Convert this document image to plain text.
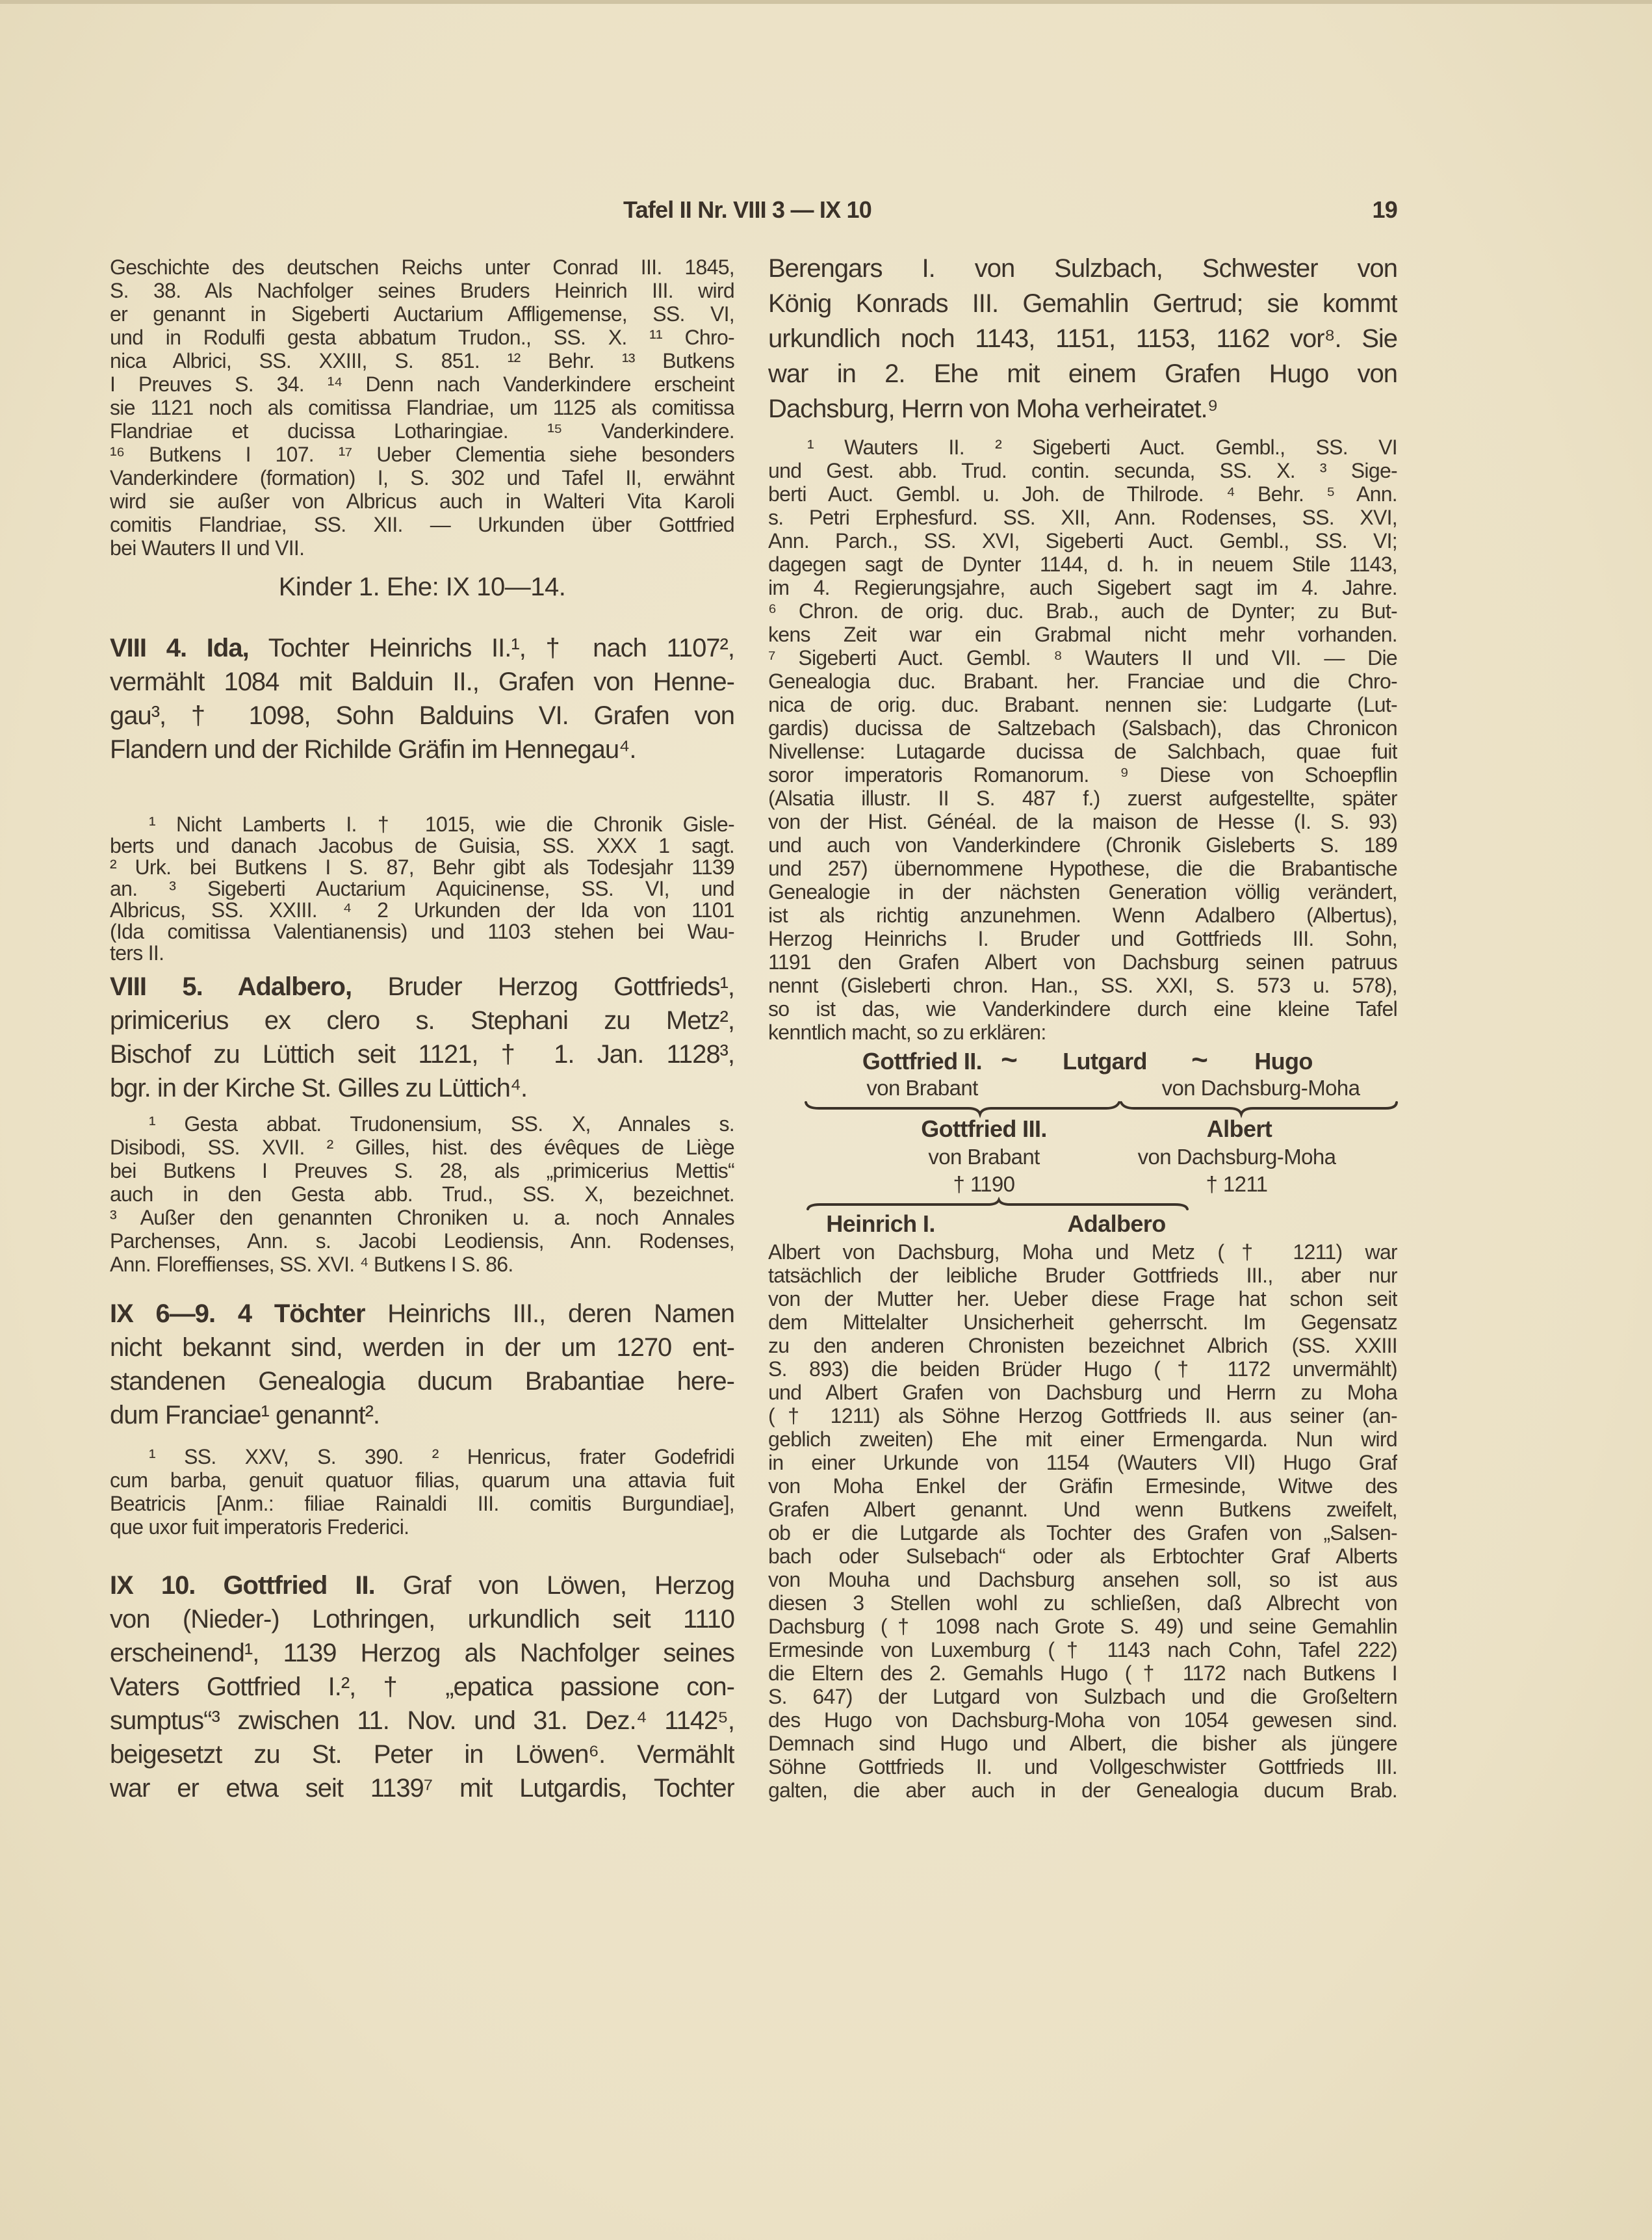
Tafel II Nr. VIII 3 — IX 10	19
Geschichte des deutschen Reichs unter Conrad III. 1845,
S. 38. Als Nachfolger seines Bruders Heinrich III. wird
er genannt in Sigeberti Auctarium Affligemense, SS. VI,
und in Rodulfi gesta abbatum Trudon., SS. X. ¹¹ Chro-
nica Albrici, SS. XXIII, S. 851. ¹² Behr. ¹³ Butkens
I Preuves S. 34. ¹⁴ Denn nach Vanderkindere erscheint
sie 1121 noch als comitissa Flandriae, um 1125 als comitissa
Flandriae et ducissa Lotharingiae. ¹⁵ Vanderkindere.
¹⁶ Butkens I 107. ¹⁷ Ueber Clementia siehe besonders
Vanderkindere (formation) I, S. 302 und Tafel II, erwähnt
wird sie außer von Albricus auch in Walteri Vita Karoli
comitis Flandriae, SS. XII. — Urkunden über Gottfried
bei Wauters II und VII.
Kinder 1. Ehe: IX 10—14.
VIII 4. Ida, Tochter Heinrichs II.¹, † nach 1107²,
vermählt 1084 mit Balduin II., Grafen von Henne-
gau³, † 1098, Sohn Balduins VI. Grafen von
Flandern und der Richilde Gräfin im Hennegau⁴.
¹ Nicht Lamberts I. † 1015, wie die Chronik Gisle-
berts und danach Jacobus de Guisia, SS. XXX 1 sagt.
² Urk. bei Butkens I S. 87, Behr gibt als Todesjahr 1139
an. ³ Sigeberti Auctarium Aquicinense, SS. VI, und
Albricus, SS. XXIII. ⁴ 2 Urkunden der Ida von 1101
(Ida comitissa Valentianensis) und 1103 stehen bei Wau-
ters II.
VIII 5. Adalbero, Bruder Herzog Gottfrieds¹,
primicerius ex clero s. Stephani zu Metz²,
Bischof zu Lüttich seit 1121, † 1. Jan. 1128³,
bgr. in der Kirche St. Gilles zu Lüttich⁴.
¹ Gesta abbat. Trudonensium, SS. X, Annales s.
Disibodi, SS. XVII. ² Gilles, hist. des évêques de Liège
bei Butkens I Preuves S. 28, als „primicerius Mettis“
auch in den Gesta abb. Trud., SS. X, bezeichnet.
³ Außer den genannten Chroniken u. a. noch Annales
Parchenses, Ann. s. Jacobi Leodiensis, Ann. Rodenses,
Ann. Floreffienses, SS. XVI. ⁴ Butkens I S. 86.
IX 6—9. 4 Töchter Heinrichs III., deren Namen
nicht bekannt sind, werden in der um 1270 ent-
standenen Genealogia ducum Brabantiae here-
dum Franciae¹ genannt².
¹ SS. XXV, S. 390. ² Henricus, frater Godefridi
cum barba, genuit quatuor filias, quarum una attavia fuit
Beatricis [Anm.: filiae Rainaldi III. comitis Burgundiae],
que uxor fuit imperatoris Frederici.
IX 10. Gottfried II. Graf von Löwen, Herzog
von (Nieder-) Lothringen, urkundlich seit 1110
erscheinend¹, 1139 Herzog als Nachfolger seines
Vaters Gottfried I.², † „epatica passione con-
sumptus“³ zwischen 11. Nov. und 31. Dez.⁴ 1142⁵,
beigesetzt zu St. Peter in Löwen⁶. Vermählt
war er etwa seit 1139⁷ mit Lutgardis, Tochter
Berengars I. von Sulzbach, Schwester von
König Konrads III. Gemahlin Gertrud; sie kommt
urkundlich noch 1143, 1151, 1153, 1162 vor⁸. Sie
war in 2. Ehe mit einem Grafen Hugo von
Dachsburg, Herrn von Moha verheiratet.⁹
¹ Wauters II. ² Sigeberti Auct. Gembl., SS. VI
und Gest. abb. Trud. contin. secunda, SS. X. ³ Sige-
berti Auct. Gembl. u. Joh. de Thilrode. ⁴ Behr. ⁵ Ann.
s. Petri Erphesfurd. SS. XII, Ann. Rodenses, SS. XVI,
Ann. Parch., SS. XVI, Sigeberti Auct. Gembl., SS. VI;
dagegen sagt de Dynter 1144, d. h. in neuem Stile 1143,
im 4. Regierungsjahre, auch Sigebert sagt im 4. Jahre.
⁶ Chron. de orig. duc. Brab., auch de Dynter; zu But-
kens Zeit war ein Grabmal nicht mehr vorhanden.
⁷ Sigeberti Auct. Gembl. ⁸ Wauters II und VII. — Die
Genealogia duc. Brabant. her. Franciae und die Chro-
nica de orig. duc. Brabant. nennen sie: Ludgarte (Lut-
gardis) ducissa de Saltzebach (Salsbach), das Chronicon
Nivellense: Lutagarde ducissa de Salchbach, quae fuit
soror imperatoris Romanorum. ⁹ Diese von Schoepflin
(Alsatia illustr. II S. 487 f.) zuerst aufgestellte, später
von der Hist. Généal. de la maison de Hesse (I. S. 93)
und auch von Vanderkindere (Chronik Gisleberts S. 189
und 257) übernommene Hypothese, die die Brabantische
Genealogie in der nächsten Generation völlig verändert,
ist als richtig anzunehmen. Wenn Adalbero (Albertus),
Herzog Heinrichs I. Bruder und Gottfrieds III. Sohn,
1191 den Grafen Albert von Dachsburg seinen patruus
nennt (Gisleberti chron. Han., SS. XXI, S. 573 u. 578),
so ist das, wie Vanderkindere durch eine kleine Tafel
kenntlich macht, so zu erklären:
Gottfried II. ~ Lutgard ~ Hugo
von Brabant	von Dachsburg-Moha
Gottfried III.
von Brabant
† 1190
Albert
von Dachsburg-Moha
† 1211
Heinrich I.	Adalbero
Albert von Dachsburg, Moha und Metz († 1211) war
tatsächlich der leibliche Bruder Gottfrieds III., aber nur
von der Mutter her. Ueber diese Frage hat schon seit
dem Mittelalter Unsicherheit geherrscht. Im Gegensatz
zu den anderen Chronisten bezeichnet Albrich (SS. XXIII
S. 893) die beiden Brüder Hugo († 1172 unvermählt)
und Albert Grafen von Dachsburg und Herrn zu Moha
(† 1211) als Söhne Herzog Gottfrieds II. aus seiner (an-
geblich zweiten) Ehe mit einer Ermengarda. Nun wird
in einer Urkunde von 1154 (Wauters VII) Hugo Graf
von Moha Enkel der Gräfin Ermesinde, Witwe des
Grafen Albert genannt. Und wenn Butkens zweifelt,
ob er die Lutgarde als Tochter des Grafen von „Salsen-
bach oder Sulsebach“ oder als Erbtochter Graf Alberts
von Mouha und Dachsburg ansehen soll, so ist aus
diesen 3 Stellen wohl zu schließen, daß Albrecht von
Dachsburg († 1098 nach Grote S. 49) und seine Gemahlin
Ermesinde von Luxemburg († 1143 nach Cohn, Tafel 222)
die Eltern des 2. Gemahls Hugo († 1172 nach Butkens I
S. 647) der Lutgard von Sulzbach und die Großeltern
des Hugo von Dachsburg-Moha von 1054 gewesen sind.
Demnach sind Hugo und Albert, die bisher als jüngere
Söhne Gottfrieds II. und Vollgeschwister Gottfrieds III.
galten, die aber auch in der Genealogia ducum Brab.
